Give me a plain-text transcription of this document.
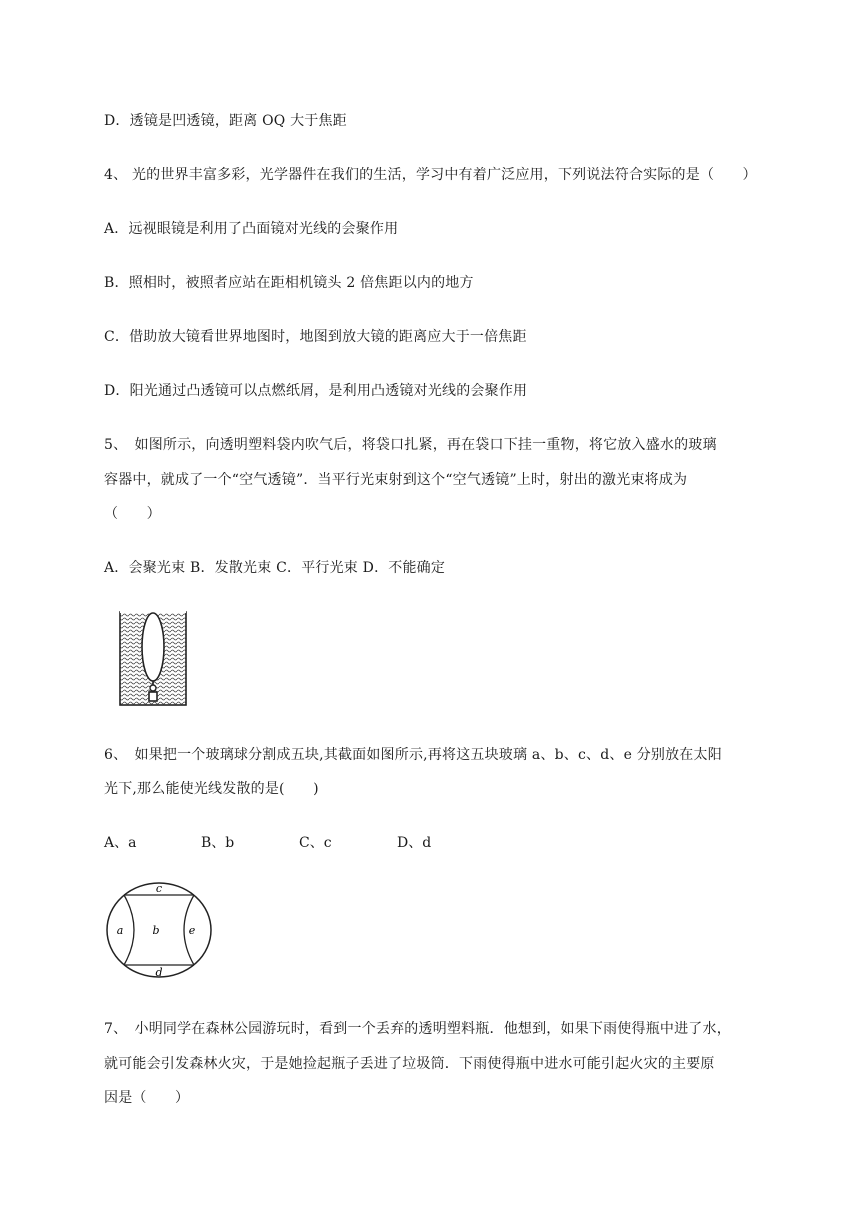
D．透镜是凹透镜，距离 OQ 大于焦距
4、 光的世界丰富多彩，光学器件在我们的生活，学习中有着广泛应用，下列说法符合实际的是（　　）
A．远视眼镜是利用了凸面镜对光线的会聚作用
B．照相时，被照者应站在距相机镜头 2 倍焦距以内的地方
C．借助放大镜看世界地图时，地图到放大镜的距离应大于一倍焦距
D．阳光通过凸透镜可以点燃纸屑，是利用凸透镜对光线的会聚作用
5、　如图所示，向透明塑料袋内吹气后，将袋口扎紧，再在袋口下挂一重物，将它放入盛水的玻璃
容器中，就成了一个“空气透镜”．当平行光束射到这个“空气透镜”上时，射出的激光束将成为
（　　）
A．会聚光束 B．发散光束 C．平行光束 D．不能确定
6、　如果把一个玻璃球分割成五块,其截面如图所示,再将这五块玻璃 a、b、c、d、e 分别放在太阳
光下,那么能使光线发散的是(　　)
A、a	B、b	C、c	D、d
c
a	b	e
d
7、　小明同学在森林公园游玩时，看到一个丢弃的透明塑料瓶．他想到，如果下雨使得瓶中进了水，
就可能会引发森林火灾，于是她捡起瓶子丢进了垃圾筒．下雨使得瓶中进水可能引起火灾的主要原
因是（　　）
